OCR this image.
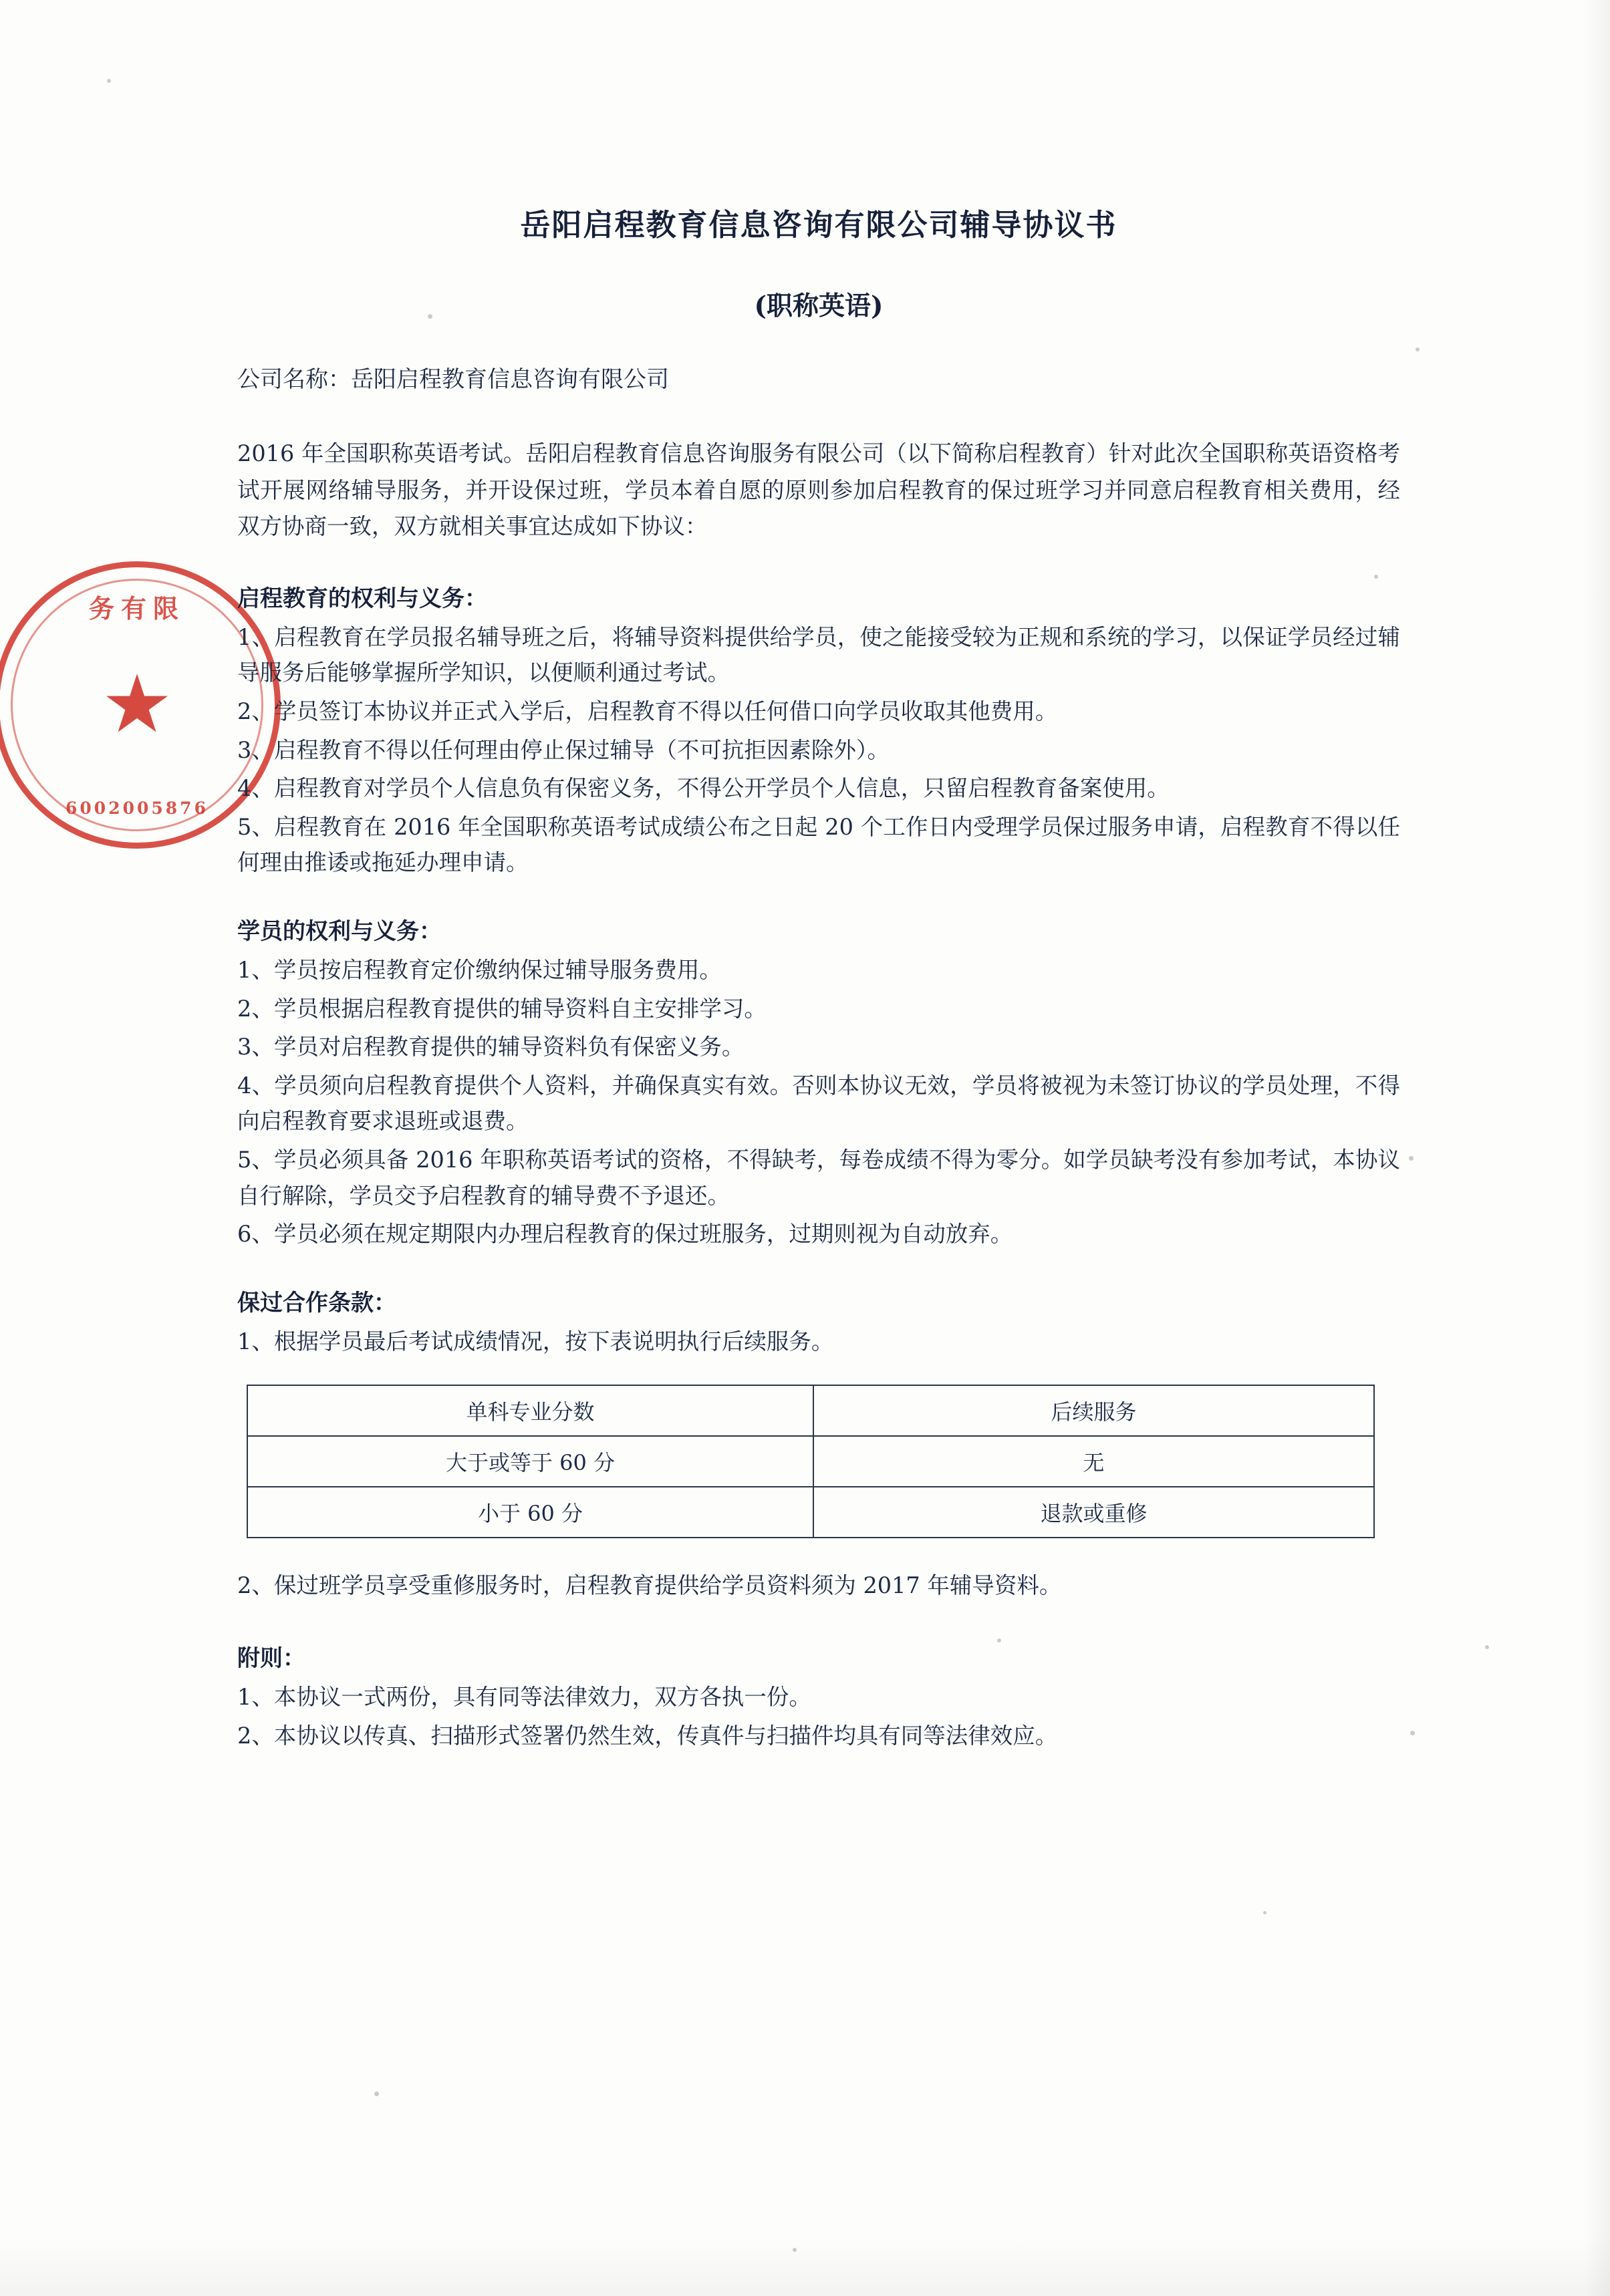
务有限
★
6002005876
岳阳启程教育信息咨询有限公司辅导协议书
(职称英语)

公司名称：岳阳启程教育信息咨询有限公司

2016 年全国职称英语考试。岳阳启程教育信息咨询服务有限公司（以下简称启程教育）针对此次全国职称英语资格考试开展网络辅导服务，并开设保过班，学员本着自愿的原则参加启程教育的保过班学习并同意启程教育相关费用，经双方协商一致，双方就相关事宜达成如下协议：

启程教育的权利与义务：

1、启程教育在学员报名辅导班之后，将辅导资料提供给学员，使之能接受较为正规和系统的学习，以保证学员经过辅导服务后能够掌握所学知识，以便顺利通过考试。

2、学员签订本协议并正式入学后，启程教育不得以任何借口向学员收取其他费用。

3、启程教育不得以任何理由停止保过辅导（不可抗拒因素除外）。

4、启程教育对学员个人信息负有保密义务，不得公开学员个人信息，只留启程教育备案使用。

5、启程教育在 2016 年全国职称英语考试成绩公布之日起 20 个工作日内受理学员保过服务申请，启程教育不得以任何理由推诿或拖延办理申请。

学员的权利与义务：

1、学员按启程教育定价缴纳保过辅导服务费用。

2、学员根据启程教育提供的辅导资料自主安排学习。

3、学员对启程教育提供的辅导资料负有保密义务。

4、学员须向启程教育提供个人资料，并确保真实有效。否则本协议无效，学员将被视为未签订协议的学员处理，不得向启程教育要求退班或退费。

5、学员必须具备 2016 年职称英语考试的资格，不得缺考，每卷成绩不得为零分。如学员缺考没有参加考试，本协议自行解除，学员交予启程教育的辅导费不予退还。

6、学员必须在规定期限内办理启程教育的保过班服务，过期则视为自动放弃。

保过合作条款：

1、根据学员最后考试成绩情况，按下表说明执行后续服务。

单科专业分数	后续服务
大于或等于 60 分	无
小于 60 分	退款或重修

2、保过班学员享受重修服务时，启程教育提供给学员资料须为 2017 年辅导资料。

附则：

1、本协议一式两份，具有同等法律效力，双方各执一份。

2、本协议以传真、扫描形式签署仍然生效，传真件与扫描件均具有同等法律效应。
